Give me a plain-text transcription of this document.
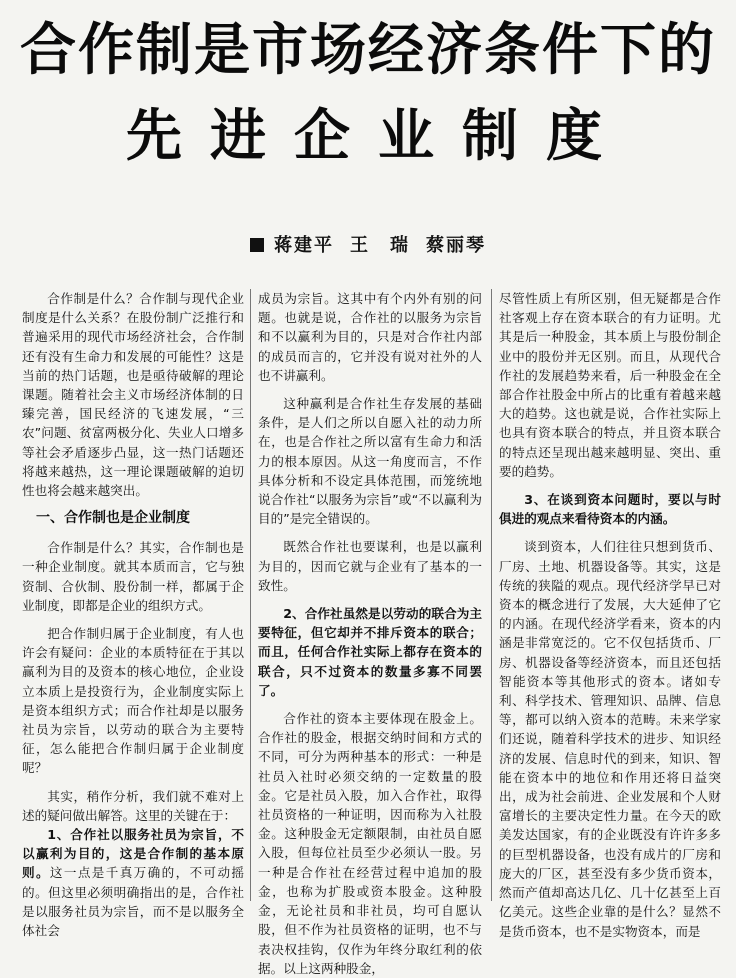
合作制是市场经济条件下的
先进企业制度
蒋建平 王　瑞 蔡丽琴

合作制是什么？合作制与现代企业制度是什么关系？在股份制广泛推行和普遍采用的现代市场经济社会，合作制还有没有生命力和发展的可能性？这是当前的热门话题，也是亟待破解的理论课题。随着社会主义市场经济体制的日臻完善，国民经济的飞速发展，“三农”问题、贫富两极分化、失业人口增多等社会矛盾逐步凸显，这一热门话题还将越来越热，这一理论课题破解的迫切性也将会越来越突出。

一、合作制也是企业制度

合作制是什么？其实，合作制也是一种企业制度。就其本质而言，它与独资制、合伙制、股份制一样，都属于企业制度，即都是企业的组织方式。

把合作制归属于企业制度，有人也许会有疑问：企业的本质特征在于其以赢利为目的及资本的核心地位，企业设立本质上是投资行为，企业制度实际上是资本组织方式；而合作社却是以服务社员为宗旨，以劳动的联合为主要特征，怎么能把合作制归属于企业制度呢？

其实，稍作分析，我们就不难对上述的疑问做出解答。这里的关键在于：

1、合作社以服务社员为宗旨，不以赢利为目的，这是合作制的基本原则。这一点是千真万确的，不可动摇的。但这里必须明确指出的是，合作社是以服务社员为宗旨，而不是以服务全体社会

成员为宗旨。这其中有个内外有别的问题。也就是说，合作社的以服务为宗旨和不以赢利为目的，只是对合作社内部的成员而言的，它并没有说对社外的人也不讲赢利。

这种赢利是合作社生存发展的基础条件，是人们之所以自愿入社的动力所在，也是合作社之所以富有生命力和活力的根本原因。从这一角度而言，不作具体分析和不设定具体范围，而笼统地说合作社“以服务为宗旨”或“不以赢利为目的”是完全错误的。

既然合作社也要谋利，也是以赢利为目的，因而它就与企业有了基本的一致性。

2、合作社虽然是以劳动的联合为主要特征，但它却并不排斥资本的联合；而且，任何合作社实际上都存在资本的联合，只不过资本的数量多寡不同罢了。

合作社的资本主要体现在股金上。合作社的股金，根据交纳时间和方式的不同，可分为两种基本的形式：一种是社员入社时必须交纳的一定数量的股金。它是社员入股，加入合作社，取得社员资格的一种证明，因而称为入社股金。这种股金无定额限制，由社员自愿入股，但每位社员至少必须认一股。另一种是合作社在经营过程中追加的股金，也称为扩股或资本股金。这种股金，无论社员和非社员，均可自愿认股，但不作为社员资格的证明，也不与表决权挂钩，仅作为年终分取红利的依据。以上这两种股金，

尽管性质上有所区别，但无疑都是合作社客观上存在资本联合的有力证明。尤其是后一种股金，其本质上与股份制企业中的股份并无区别。而且，从现代合作社的发展趋势来看，后一种股金在全部合作社股金中所占的比重有着越来越大的趋势。这也就是说，合作社实际上也具有资本联合的特点，并且资本联合的特点还呈现出越来越明显、突出、重要的趋势。

3、在谈到资本问题时，要以与时俱进的观点来看待资本的内涵。

谈到资本，人们往往只想到货币、厂房、土地、机器设备等。其实，这是传统的狭隘的观点。现代经济学早已对资本的概念进行了发展，大大延伸了它的内涵。在现代经济学看来，资本的内涵是非常宽泛的。它不仅包括货币、厂房、机器设备等经济资本，而且还包括智能资本等其他形式的资本。诸如专利、科学技术、管理知识、品牌、信息等，都可以纳入资本的范畴。未来学家们还说，随着科学技术的进步、知识经济的发展、信息时代的到来，知识、智能在资本中的地位和作用还将日益突出，成为社会前进、企业发展和个人财富增长的主要决定性力量。在今天的欧美发达国家，有的企业既没有许许多多的巨型机器设备，也没有成片的厂房和庞大的厂区，甚至没有多少货币资本，然而产值却高达几亿、几十亿甚至上百亿美元。这些企业靠的是什么？显然不是货币资本，也不是实物资本，而是
